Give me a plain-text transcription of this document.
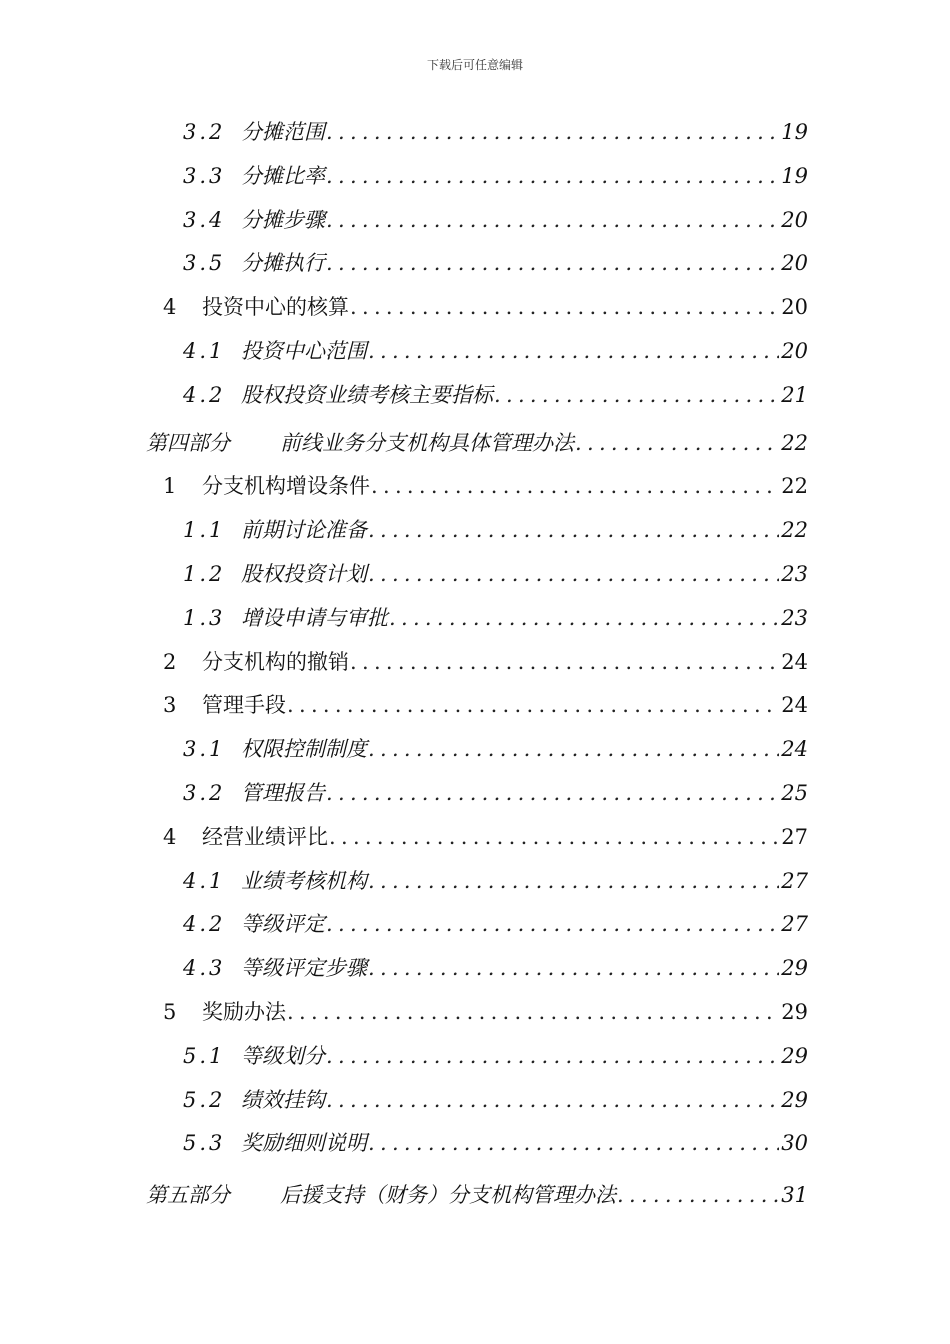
下载后可任意编辑
3.2 分摊范围 .....	19
3.3 分摊比率 .....	19
3.4 分摊步骤 .....	20
3.5 分摊执行 .....	20
4	投资中心的核算 .....	20
4.1 投资中心范围 .....	20
4.2 股权投资业绩考核主要指标 .....	21
第四部分	前线业务分支机构具体管理办法 .....	22
1	分支机构增设条件 .....	22
1.1 前期讨论准备 .....	22
1.2 股权投资计划 .....	23
1.3 增设申请与审批 .....	23
2	分支机构的撤销 .....	24
3	管理手段 .....	24
3.1 权限控制制度 .....	24
3.2 管理报告 .....	25
4	经营业绩评比 .....	27
4.1 业绩考核机构 .....	27
4.2 等级评定 .....	27
4.3 等级评定步骤 .....	29
5	奖励办法 .....	29
5.1 等级划分 .....	29
5.2 绩效挂钩 .....	29
5.3 奖励细则说明 .....	30
第五部分	后援支持（财务）分支机构管理办法 .....	31
